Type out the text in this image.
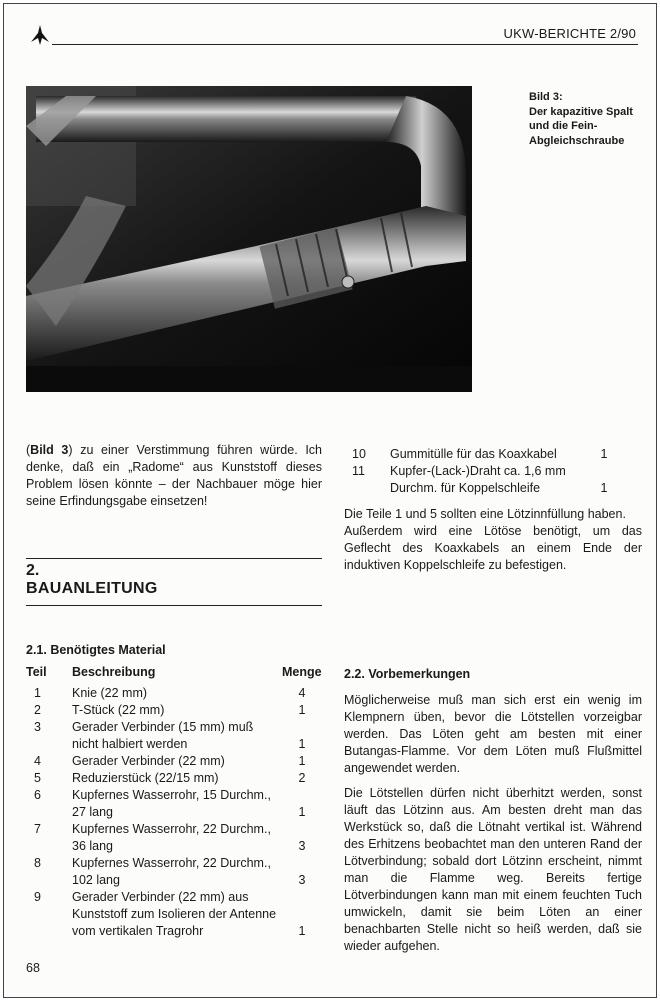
UKW-BERICHTE 2/90
Bild 3:
Der kapazitive Spalt
und die Fein-
Abgleichschraube

(Bild 3) zu einer Verstimmung führen würde. Ich denke, daß ein „Radome“ aus Kunststoff dieses Problem lösen könnte – der Nachbauer möge hier seine Erfindungsgabe einsetzen!

2.
BAUANLEITUNG
2.1. Benötigtes Material
Teil	Beschreibung	Menge
1	Knie (22 mm)	4
2	T-Stück (22 mm)	1
3	Gerader Verbinder (15 mm) muß
nicht halbiert werden	1
4	Gerader Verbinder (22 mm)	1
5	Reduzierstück (22/15 mm)	2
6	Kupfernes Wasserrohr, 15 Durchm.,
27 lang	1
7	Kupfernes Wasserrohr, 22 Durchm.,
36 lang	3
8	Kupfernes Wasserrohr, 22 Durchm.,
102 lang	3
9	Gerader Verbinder (22 mm) aus
Kunststoff zum Isolieren der Antenne
vom vertikalen Tragrohr	1
10	Gummitülle für das Koaxkabel	1
11	Kupfer-(Lack-)Draht ca. 1,6 mm
Durchm. für Koppelschleife	1

Die Teile 1 und 5 sollten eine Lötzinnfüllung haben.

Außerdem wird eine Lötöse benötigt, um das Geflecht des Koaxkabels an einem Ende der induktiven Koppelschleife zu befestigen.

2.2. Vorbemerkungen

Möglicherweise muß man sich erst ein wenig im Klempnern üben, bevor die Lötstellen vorzeigbar werden. Das Löten geht am besten mit einer Butangas-Flamme. Vor dem Löten muß Flußmittel angewendet werden.

Die Lötstellen dürfen nicht überhitzt werden, sonst läuft das Lötzinn aus. Am besten dreht man das Werkstück so, daß die Lötnaht vertikal ist. Während des Erhitzens beobachtet man den unteren Rand der Lötverbindung; sobald dort Lötzinn erscheint, nimmt man die Flamme weg. Bereits fertige Lötverbindungen kann man mit einem feuchten Tuch umwickeln, damit sie beim Löten an einer benachbarten Stelle nicht so heiß werden, daß sie wieder aufgehen.

68
